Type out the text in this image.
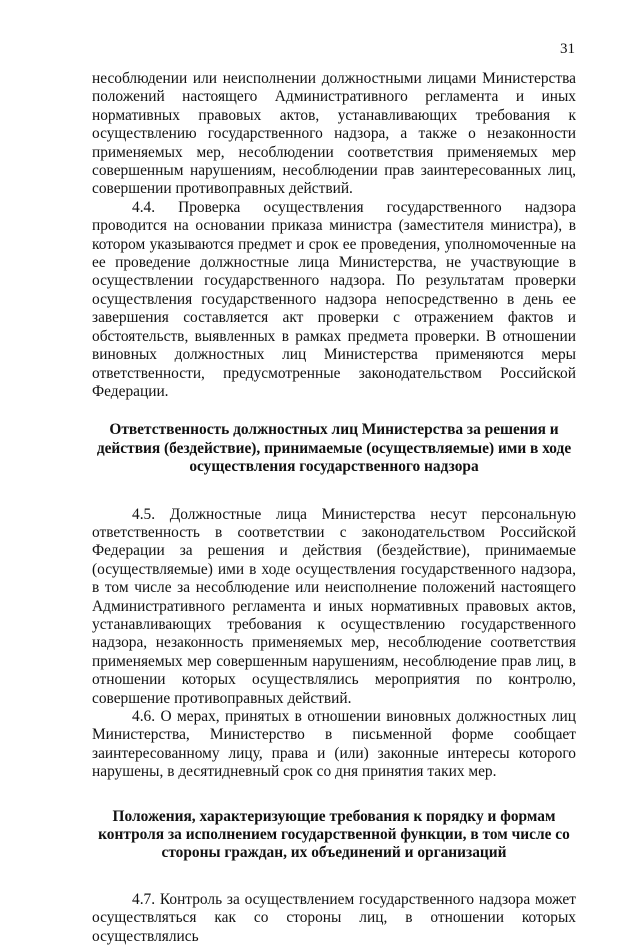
31

несоблюдении или неисполнении должностными лицами Министерства положений настоящего Административного регламента и иных нормативных правовых актов, устанавливающих требования к осуществлению государственного надзора, а также о незаконности применяемых мер, несоблюдении соответствия применяемых мер совершенным нарушениям, несоблюдении прав заинтересованных лиц, совершении противоправных действий.

4.4. Проверка осуществления государственного надзора проводится на основании приказа министра (заместителя министра), в котором указываются предмет и срок ее проведения, уполномоченные на ее проведение должностные лица Министерства, не участвующие в осуществлении государственного надзора. По результатам проверки осуществления государственного надзора непосредственно в день ее завершения составляется акт проверки с отражением фактов и обстоятельств, выявленных в рамках предмета проверки. В отношении виновных должностных лиц Министерства применяются меры ответственности, предусмотренные законодательством Российской Федерации.

Ответственность должностных лиц Министерства за решения и действия (бездействие), принимаемые (осуществляемые) ими в ходе осуществления государственного надзора

4.5. Должностные лица Министерства несут персональную ответственность в соответствии с законодательством Российской Федерации за решения и действия (бездействие), принимаемые (осуществляемые) ими в ходе осуществления государственного надзора, в том числе за несоблюдение или неисполнение положений настоящего Административного регламента и иных нормативных правовых актов, устанавливающих требования к осуществлению государственного надзора, незаконность применяемых мер, несоблюдение соответствия применяемых мер совершенным нарушениям, несоблюдение прав лиц, в отношении которых осуществлялись мероприятия по контролю, совершение противоправных действий.

4.6. О мерах, принятых в отношении виновных должностных лиц Министерства, Министерство в письменной форме сообщает заинтересованному лицу, права и (или) законные интересы которого нарушены, в десятидневный срок со дня принятия таких мер.

Положения, характеризующие требования к порядку и формам контроля за исполнением государственной функции, в том числе со стороны граждан, их объединений и организаций

4.7. Контроль за осуществлением государственного надзора может осуществляться как со стороны лиц, в отношении которых осуществлялись
